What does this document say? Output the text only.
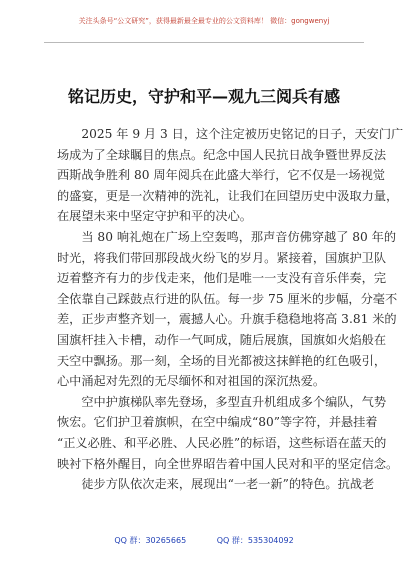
关注头条号“公文研究”，获得最新最全最专业的公文资料库！ 微信：gongwenyj
铭记历史，守护和平—观九三阅兵有感

　　2025 年 9 月 3 日，这个注定被历史铭记的日子，天安门广
场成为了全球瞩目的焦点。纪念中国人民抗日战争暨世界反法
西斯战争胜利 80 周年阅兵在此盛大举行，它不仅是一场视觉
的盛宴，更是一次精神的洗礼，让我们在回望历史中汲取力量，
在展望未来中坚定守护和平的决心。

　　当 80 响礼炮在广场上空轰鸣，那声音仿佛穿越了 80 年的
时光，将我们带回那段战火纷飞的岁月。紧接着，国旗护卫队
迈着整齐有力的步伐走来，他们是唯一一支没有音乐伴奏，完
全依靠自己踩鼓点行进的队伍。每一步 75 厘米的步幅，分毫不
差，正步声整齐划一，震撼人心。升旗手稳稳地将高 3.81 米的
国旗杆挂入卡槽，动作一气呵成，随后展旗，国旗如火焰般在
天空中飘扬。那一刻，全场的目光都被这抹鲜艳的红色吸引，
心中涌起对先烈的无尽缅怀和对祖国的深沉热爱。

　　空中护旗梯队率先登场，多型直升机组成多个编队，气势
恢宏。它们护卫着旗帜，在空中编成“80”等字符，并悬挂着
“正义必胜、和平必胜、人民必胜”的标语，这些标语在蓝天的
映衬下格外醒目，向全世界昭告着中国人民对和平的坚定信念。

　　徒步方队依次走来，展现出“一老一新”的特色。抗战老

QQ 群：30265665	QQ 群：535304092
